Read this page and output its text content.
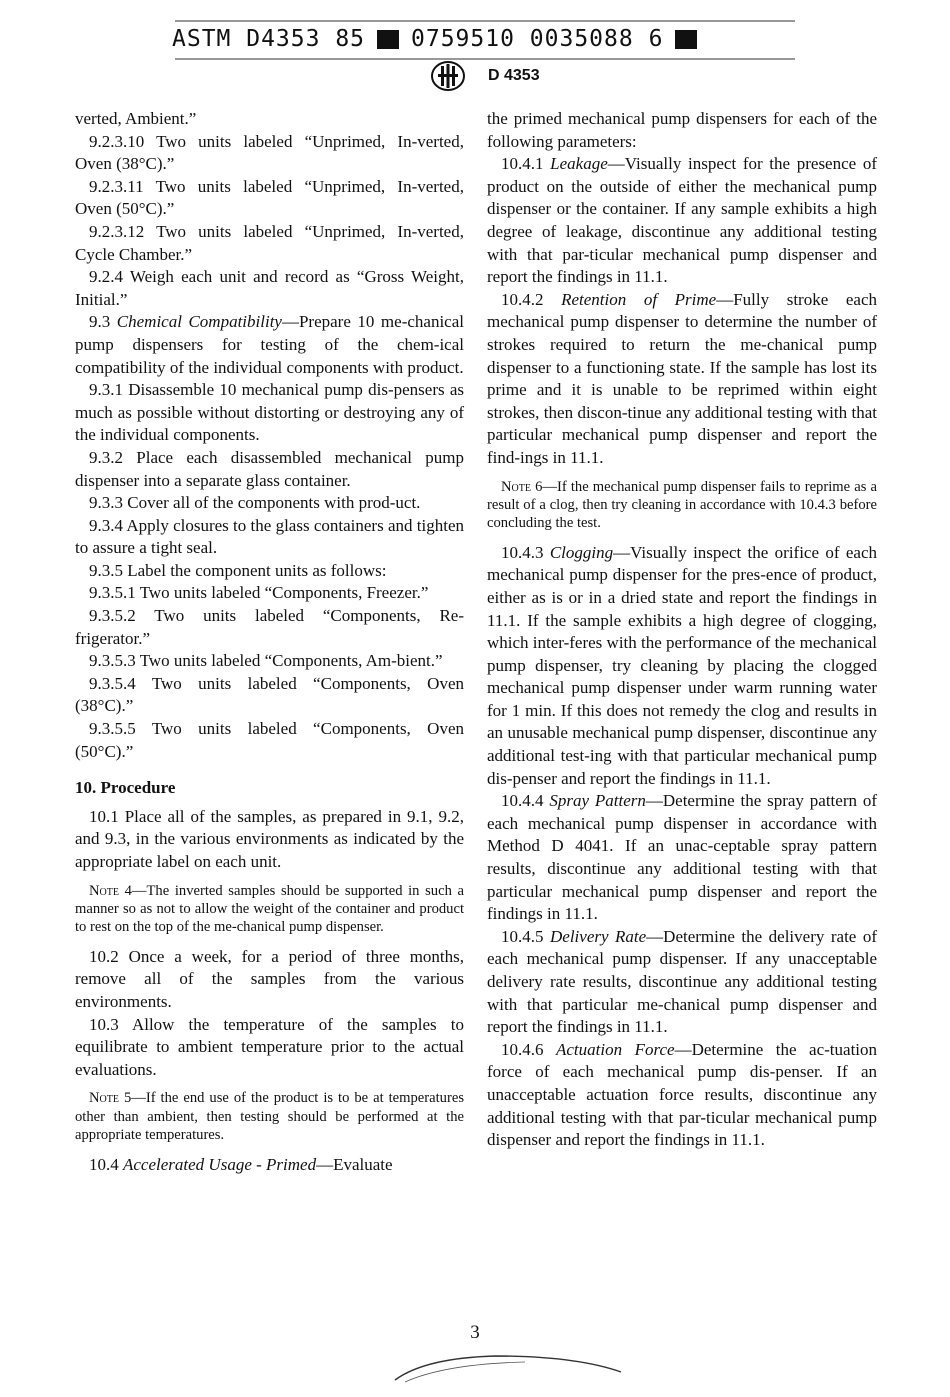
ASTM D4353 85 0759510 0035088 6
D 4353

verted, Ambient.”

9.2.3.10 Two units labeled “Unprimed, In-verted, Oven (38°C).”

9.2.3.11 Two units labeled “Unprimed, In-verted, Oven (50°C).”

9.2.3.12 Two units labeled “Unprimed, In-verted, Cycle Chamber.”

9.2.4 Weigh each unit and record as “Gross Weight, Initial.”

9.3 Chemical Compatibility—Prepare 10 me-chanical pump dispensers for testing of the chem-ical compatibility of the individual components with product.

9.3.1 Disassemble 10 mechanical pump dis-pensers as much as possible without distorting or destroying any of the individual components.

9.3.2 Place each disassembled mechanical pump dispenser into a separate glass container.

9.3.3 Cover all of the components with prod-uct.

9.3.4 Apply closures to the glass containers and tighten to assure a tight seal.

9.3.5 Label the component units as follows:

9.3.5.1 Two units labeled “Components, Freezer.”

9.3.5.2 Two units labeled “Components, Re-frigerator.”

9.3.5.3 Two units labeled “Components, Am-bient.”

9.3.5.4 Two units labeled “Components, Oven (38°C).”

9.3.5.5 Two units labeled “Components, Oven (50°C).”

10. Procedure

10.1 Place all of the samples, as prepared in 9.1, 9.2, and 9.3, in the various environments as indicated by the appropriate label on each unit.

Note 4—The inverted samples should be supported in such a manner so as not to allow the weight of the container and product to rest on the top of the me-chanical pump dispenser.

10.2 Once a week, for a period of three months, remove all of the samples from the various environments.

10.3 Allow the temperature of the samples to equilibrate to ambient temperature prior to the actual evaluations.

Note 5—If the end use of the product is to be at temperatures other than ambient, then testing should be performed at the appropriate temperatures.

10.4 Accelerated Usage - Primed—Evaluate

the primed mechanical pump dispensers for each of the following parameters:

10.4.1 Leakage—Visually inspect for the presence of product on the outside of either the mechanical pump dispenser or the container. If any sample exhibits a high degree of leakage, discontinue any additional testing with that par-ticular mechanical pump dispenser and report the findings in 11.1.

10.4.2 Retention of Prime—Fully stroke each mechanical pump dispenser to determine the number of strokes required to return the me-chanical pump dispenser to a functioning state. If the sample has lost its prime and it is unable to be reprimed within eight strokes, then discon-tinue any additional testing with that particular mechanical pump dispenser and report the find-ings in 11.1.

Note 6—If the mechanical pump dispenser fails to reprime as a result of a clog, then try cleaning in accordance with 10.4.3 before concluding the test.

10.4.3 Clogging—Visually inspect the orifice of each mechanical pump dispenser for the pres-ence of product, either as is or in a dried state and report the findings in 11.1. If the sample exhibits a high degree of clogging, which inter-feres with the performance of the mechanical pump dispenser, try cleaning by placing the clogged mechanical pump dispenser under warm running water for 1 min. If this does not remedy the clog and results in an unusable mechanical pump dispenser, discontinue any additional test-ing with that particular mechanical pump dis-penser and report the findings in 11.1.

10.4.4 Spray Pattern—Determine the spray pattern of each mechanical pump dispenser in accordance with Method D 4041. If an unac-ceptable spray pattern results, discontinue any additional testing with that particular mechanical pump dispenser and report the findings in 11.1.

10.4.5 Delivery Rate—Determine the delivery rate of each mechanical pump dispenser. If any unacceptable delivery rate results, discontinue any additional testing with that particular me-chanical pump dispenser and report the findings in 11.1.

10.4.6 Actuation Force—Determine the ac-tuation force of each mechanical pump dis-penser. If an unacceptable actuation force results, discontinue any additional testing with that par-ticular mechanical pump dispenser and report the findings in 11.1.

3
